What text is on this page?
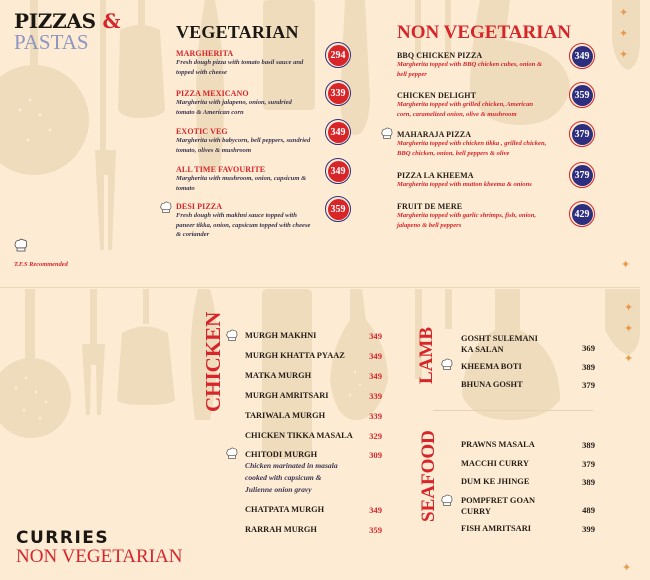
✦
✦
✦
✦
✦
✦
✦
✦
PIZZAS &
PASTAS
T.F.S Recommended
VEGETARIAN
MARGHERITA
Fresh dough pizza with tomato basil sauce and topped with cheese
294
PIZZA MEXICANO
Margherita with jalapeno, onion, sundried tomato & American corn
339
EXOTIC VEG
Margherita with babycorn, bell peppers, sundried tomato, olives & mushroom
349
ALL TIME FAVOURITE
Margherita with mushroom, onion, capsicum & tomato
349
DESI PIZZA
Fresh dough with makhni sauce topped with paneer tikka, onion, capsicum topped with cheese & coriander
359
NON VEGETARIAN
BBQ CHICKEN PIZZA
Margherita topped with BBQ chicken cubes, onion & bell pepper
349
CHICKEN DELIGHT
Margherita topped with grilled chicken, American corn, caramelized onion, olive & mushroom
359
MAHARAJA PIZZA
Margherita topped with chicken tikka , grilled chicken, BBQ chicken, onion, bell peppers & olive
379
PIZZA LA KHEEMA
Margherita topped with mutton kheema & onions
379
FRUIT DE MERE
Margherita topped with garlic shrimps, fish, onion, jalapeno & bell peppers
429
CURRIES
NON VEGETARIAN
CHICKEN MURGH MAKHNI	349
MURGH KHATTA PYAAZ	349
MATKA MURGH	349
MURGH AMRITSARI	339
TARIWALA MURGH	339
CHICKEN TIKKA MASALA	329
CHITODI MURGH	309
Chicken marinated in masala cooked with capsicum & Julienne onion gravy
CHATPATA MURGH	349
RARRAH MURGH	359
LAMB	GOSHT SULEMANI
KA SALAN	369
KHEEMA BOTI	389
BHUNA GOSHT	379
SEAFOOD	PRAWNS MASALA	389
MACCHI CURRY	379
DUM KE JHINGE	389
POMPFRET GOAN
CURRY	489
FISH AMRITSARI	399
